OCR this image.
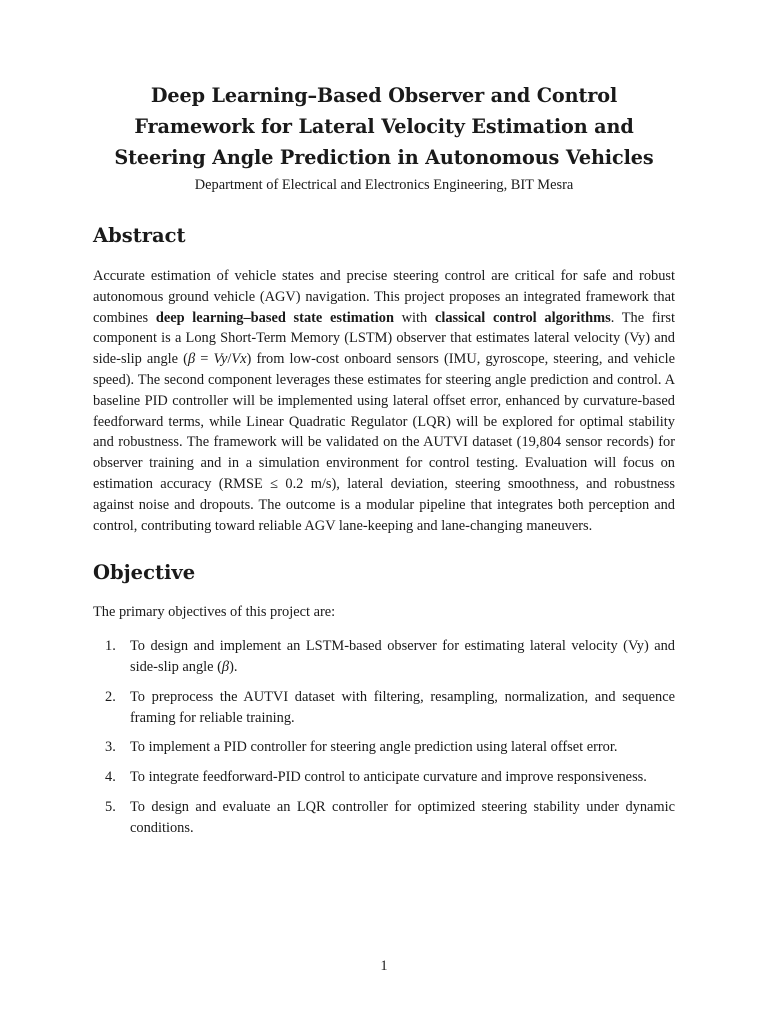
Deep Learning–Based Observer and Control
Framework for Lateral Velocity Estimation and
Steering Angle Prediction in Autonomous Vehicles
Department of Electrical and Electronics Engineering, BIT Mesra
Abstract

Accurate estimation of vehicle states and precise steering control are critical for safe and robust autonomous ground vehicle (AGV) navigation. This project proposes an integrated framework that combines deep learning–based state estimation with classical control algorithms. The first component is a Long Short-Term Memory (LSTM) observer that estimates lateral velocity (Vy) and side-slip angle (β = Vy/Vx) from low-cost onboard sensors (IMU, gyroscope, steering, and vehicle speed). The second component leverages these estimates for steering angle prediction and control. A baseline PID controller will be implemented using lateral offset error, enhanced by curvature-based feedforward terms, while Linear Quadratic Regulator (LQR) will be explored for optimal stability and robustness. The framework will be validated on the AUTVI dataset (19,804 sensor records) for observer training and in a simulation environment for control testing. Evaluation will focus on estimation accuracy (RMSE ≤ 0.2 m/s), lateral deviation, steering smoothness, and robustness against noise and dropouts. The outcome is a modular pipeline that integrates both perception and control, contributing toward reliable AGV lane-keeping and lane-changing maneuvers.

Objective

The primary objectives of this project are:

1. To design and implement an LSTM-based observer for estimating lateral velocity (Vy) and side-slip angle (β).
2. To preprocess the AUTVI dataset with filtering, resampling, normalization, and sequence framing for reliable training.
3. To implement a PID controller for steering angle prediction using lateral offset error.
4. To integrate feedforward-PID control to anticipate curvature and improve responsiveness.
5. To design and evaluate an LQR controller for optimized steering stability under dynamic conditions.
1
